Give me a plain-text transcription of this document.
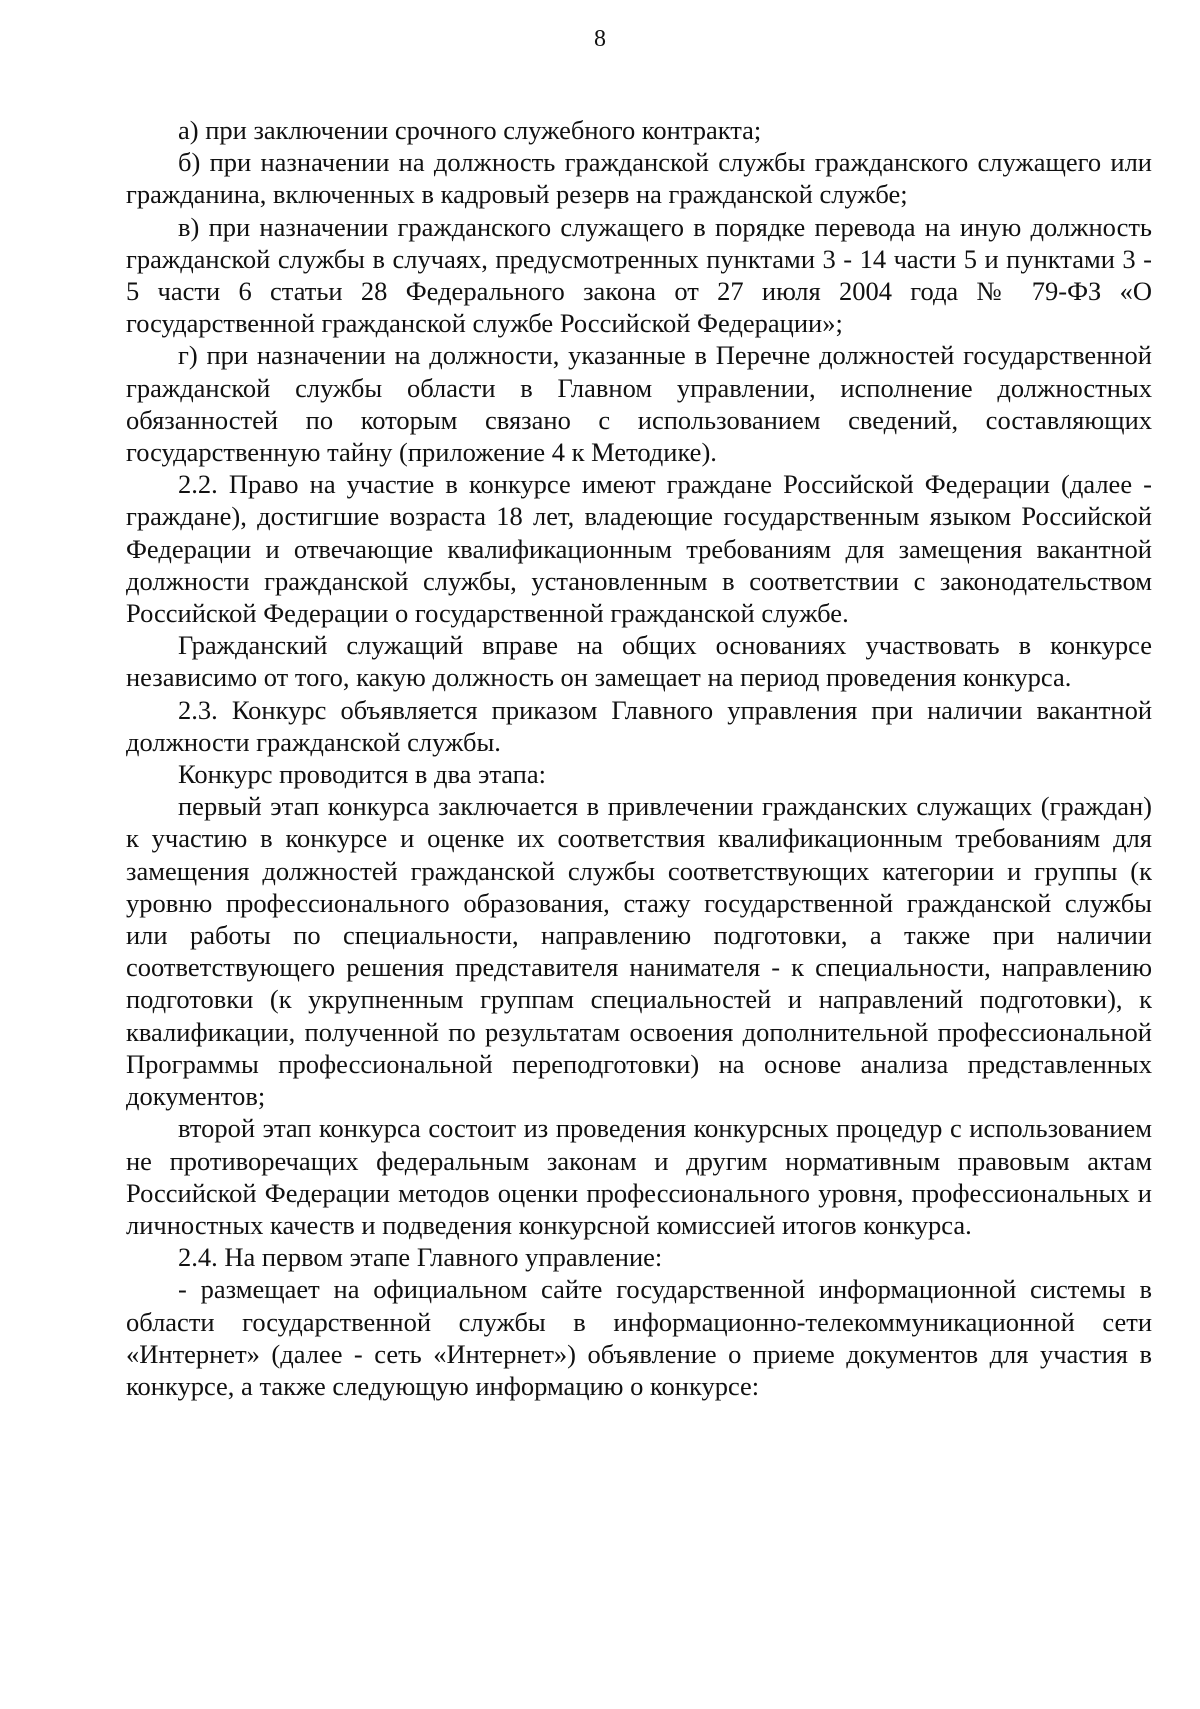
8

а) при заключении срочного служебного контракта;

б) при назначении на должность гражданской службы гражданского служащего или гражданина, включенных в кадровый резерв на гражданской службе;

в) при назначении гражданского служащего в порядке перевода на иную должность гражданской службы в случаях, предусмотренных пунктами 3 - 14 части 5 и пунктами 3 - 5 части 6 статьи 28 Федерального закона от 27 июля 2004 года № 79-ФЗ «О государственной гражданской службе Российской Федерации»;

г) при назначении на должности, указанные в Перечне должностей государственной гражданской службы области в Главном управлении, исполнение должностных обязанностей по которым связано с использованием сведений, составляющих государственную тайну (приложение 4 к Методике).

2.2. Право на участие в конкурсе имеют граждане Российской Федерации (далее - граждане), достигшие возраста 18 лет, владеющие государственным языком Российской Федерации и отвечающие квалификационным требованиям для замещения вакантной должности гражданской службы, установленным в соответствии с законодательством Российской Федерации о государственной гражданской службе.

Гражданский служащий вправе на общих основаниях участвовать в конкурсе независимо от того, какую должность он замещает на период проведения конкурса.

2.3. Конкурс объявляется приказом Главного управления при наличии вакантной должности гражданской службы.

Конкурс проводится в два этапа:

первый этап конкурса заключается в привлечении гражданских служащих (граждан) к участию в конкурсе и оценке их соответствия квалификационным требованиям для замещения должностей гражданской службы соответствующих категории и группы (к уровню профессионального образования, стажу государственной гражданской службы или работы по специальности, направлению подготовки, а также при наличии соответствующего решения представителя нанимателя - к специальности, направлению подготовки (к укрупненным группам специальностей и направлений подготовки), к квалификации, полученной по результатам освоения дополнительной профессиональной Программы профессиональной переподготовки) на основе анализа представленных документов;

второй этап конкурса состоит из проведения конкурсных процедур с использованием не противоречащих федеральным законам и другим нормативным правовым актам Российской Федерации методов оценки профессионального уровня, профессиональных и личностных качеств и подведения конкурсной комиссией итогов конкурса.

2.4. На первом этапе Главного управление:

- размещает на официальном сайте государственной информационной системы в области государственной службы в информационно-телекоммуникационной сети «Интернет» (далее - сеть «Интернет») объявление о приеме документов для участия в конкурсе, а также следующую информацию о конкурсе:
